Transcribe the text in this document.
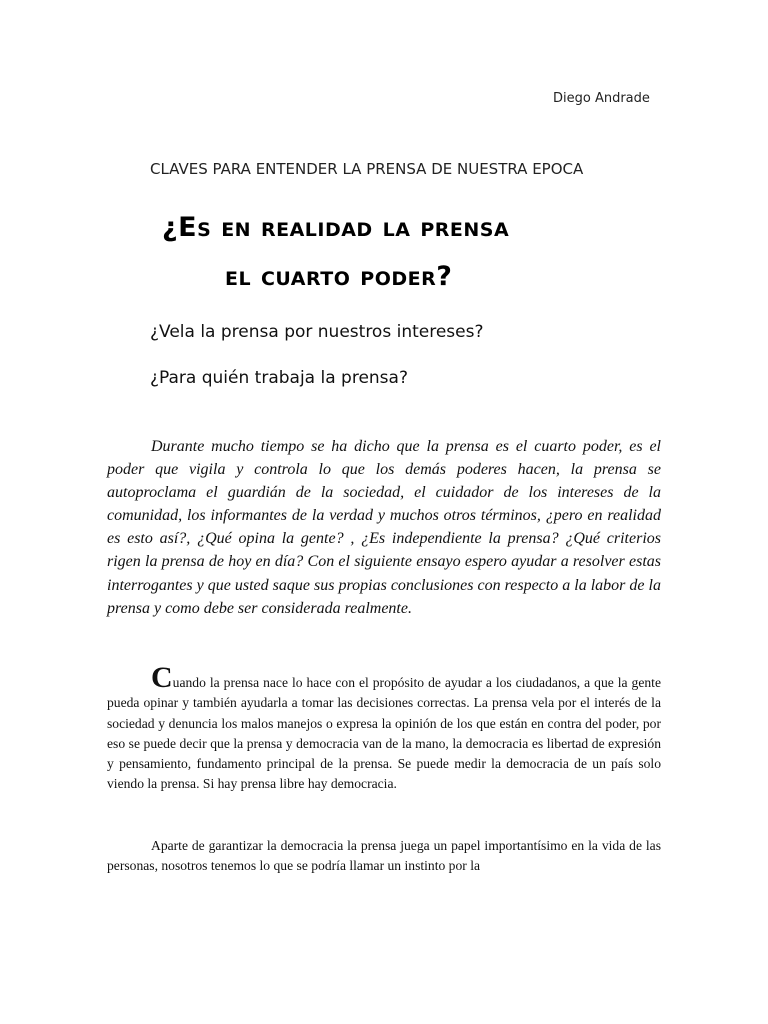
Diego Andrade
CLAVES PARA ENTENDER LA PRENSA DE NUESTRA EPOCA
¿Es en realidad la prensa
el cuarto poder?
¿Vela la prensa por nuestros intereses?
¿Para quién trabaja la prensa?

Durante mucho tiempo se ha dicho que la prensa es el cuarto poder, es el poder que vigila y controla lo que los demás poderes hacen, la prensa se autoproclama el guardián de la sociedad, el cuidador de los intereses de la comunidad, los informantes de la verdad y muchos otros términos, ¿pero en realidad es esto así?, ¿Qué opina la gente? , ¿Es independiente la prensa? ¿Qué criterios rigen la prensa de hoy en día? Con el siguiente ensayo espero ayudar a resolver estas interrogantes y que usted saque sus propias conclusiones con respecto a la labor de la prensa y como debe ser considerada realmente.

Cuando la prensa nace lo hace con el propósito de ayudar a los ciudadanos, a que la gente pueda opinar y también ayudarla a tomar las decisiones correctas. La prensa vela por el interés de la sociedad y denuncia los malos manejos o expresa la opinión de los que están en contra del poder, por eso se puede decir que la prensa y democracia van de la mano, la democracia es libertad de expresión y pensamiento, fundamento principal de la prensa. Se puede medir la democracia de un país solo viendo la prensa. Si hay prensa libre hay democracia.

Aparte de garantizar la democracia la prensa juega un papel importantísimo en la vida de las personas, nosotros tenemos lo que se podría llamar un instinto por la
